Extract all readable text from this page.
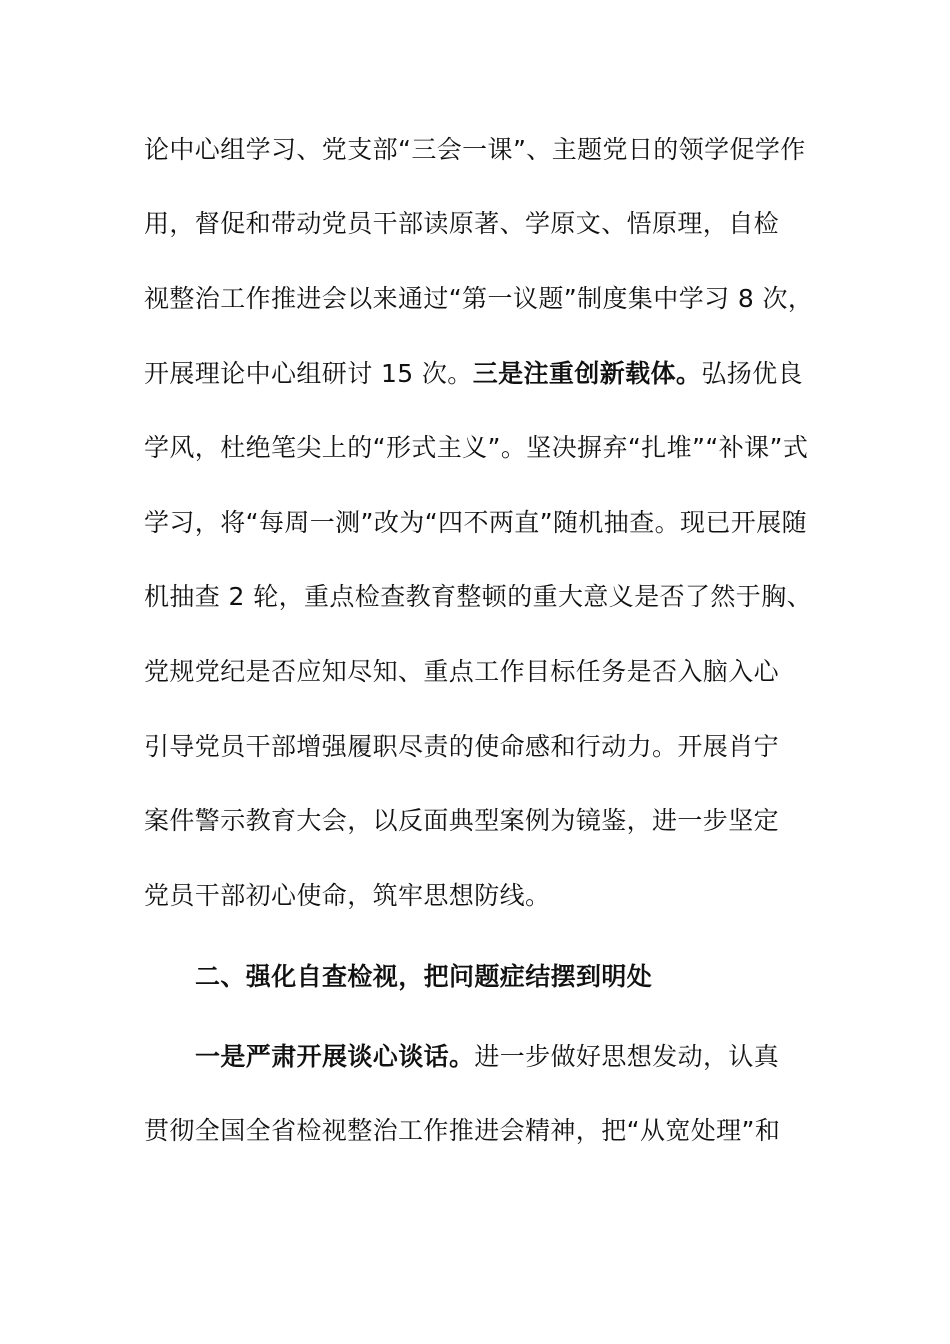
论中心组学习、党支部“三会一课”、主题党日的领学促学作
用，督促和带动党员干部读原著、学原文、悟原理，自检
视整治工作推进会以来通过“第一议题”制度集中学习 8 次，
开展理论中心组研讨 15 次。三是注重创新载体。弘扬优良
学风，杜绝笔尖上的“形式主义”。坚决摒弃“扎堆”“补课”式
学习，将“每周一测”改为“四不两直”随机抽查。现已开展随
机抽查 2 轮，重点检查教育整顿的重大意义是否了然于胸、
党规党纪是否应知尽知、重点工作目标任务是否入脑入心
引导党员干部增强履职尽责的使命感和行动力。开展肖宁
案件警示教育大会，以反面典型案例为镜鉴，进一步坚定
党员干部初心使命，筑牢思想防线。
二、强化自查检视，把问题症结摆到明处
一是严肃开展谈心谈话。进一步做好思想发动，认真
贯彻全国全省检视整治工作推进会精神，把“从宽处理”和
